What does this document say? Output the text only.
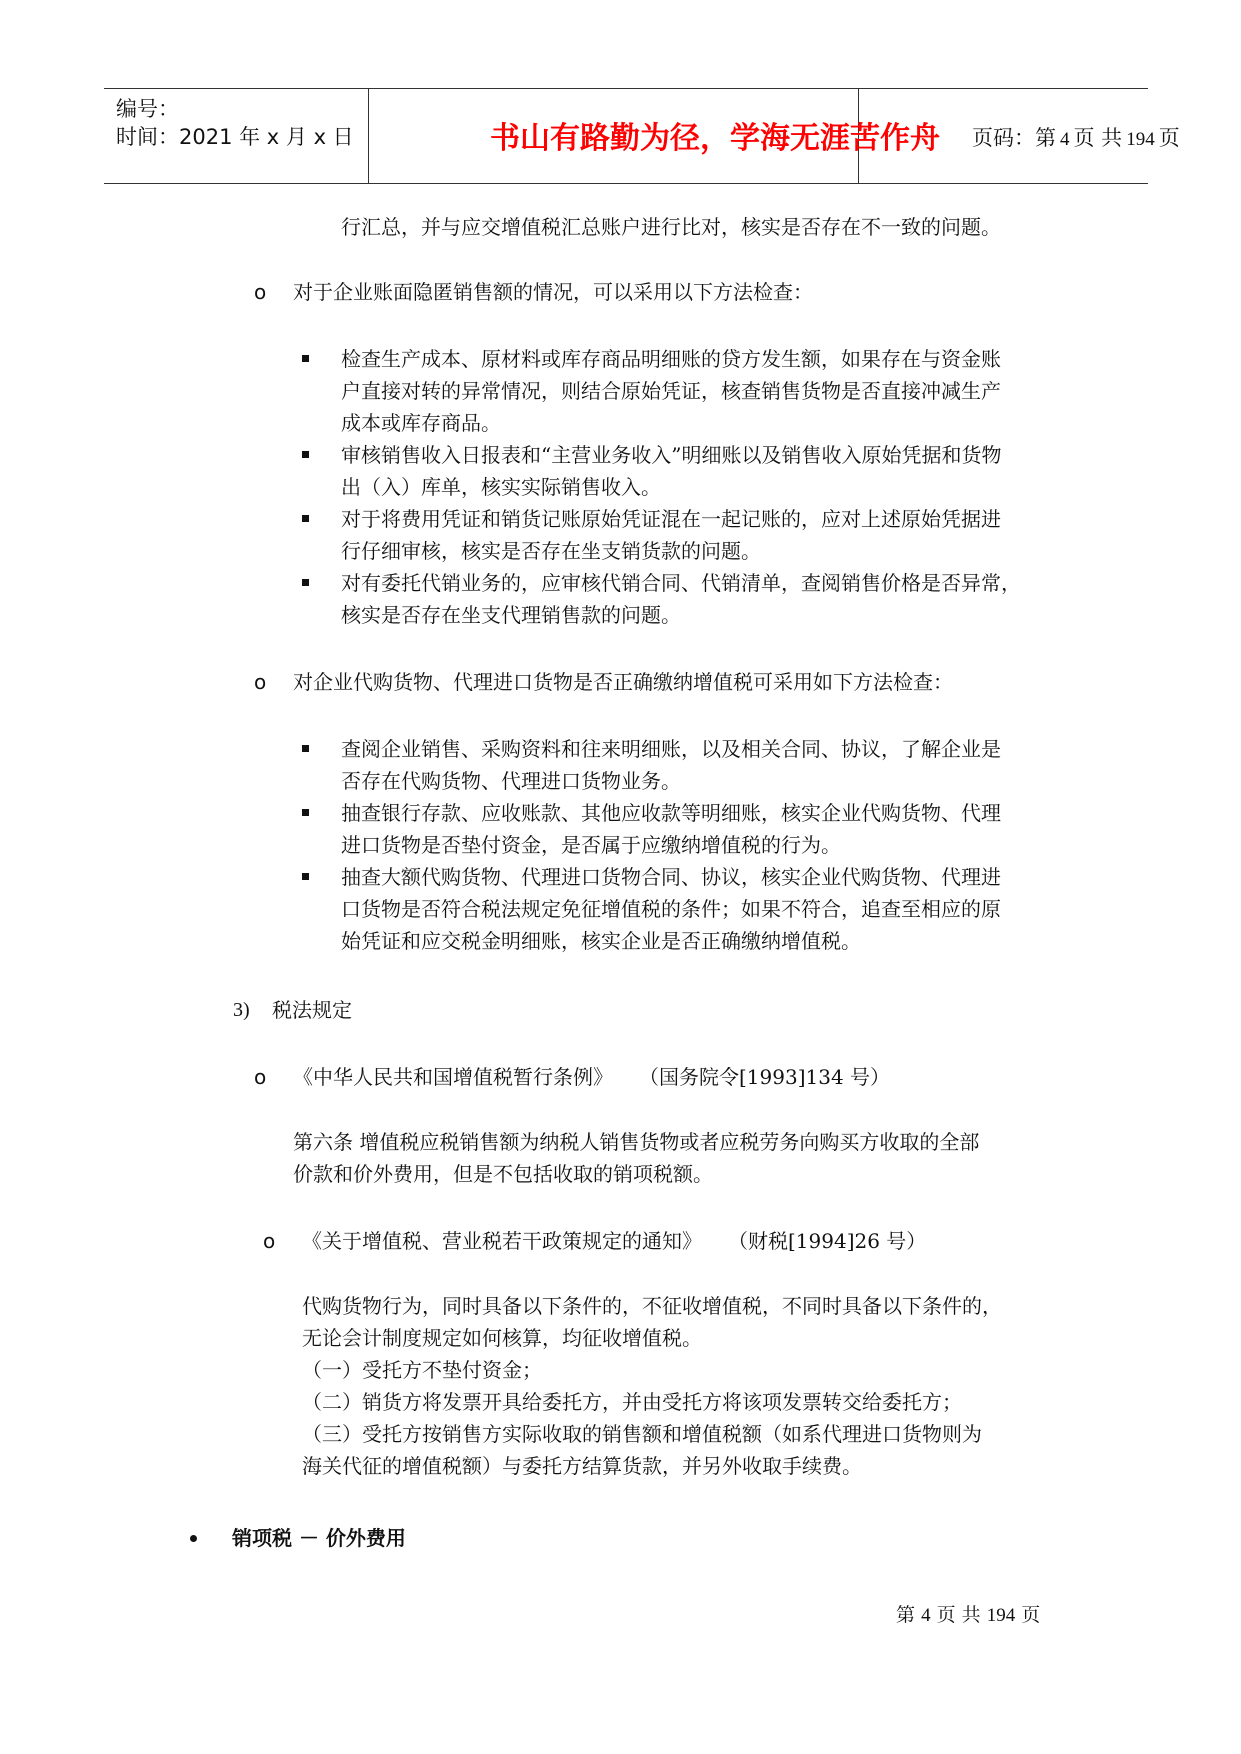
编号：
时间：2021 年 x 月 x 日	书山有路勤为径，学海无涯苦作舟	页码：第 4 页 共 194 页
行汇总，并与应交增值税汇总账户进行比对，核实是否存在不一致的问题。
o 对于企业账面隐匿销售额的情况，可以采用以下方法检查：
检查生产成本、原材料或库存商品明细账的贷方发生额，如果存在与资金账
户直接对转的异常情况，则结合原始凭证，核查销售货物是否直接冲减生产
成本或库存商品。
审核销售收入日报表和“主营业务收入”明细账以及销售收入原始凭据和货物
出（入）库单，核实实际销售收入。
对于将费用凭证和销货记账原始凭证混在一起记账的，应对上述原始凭据进
行仔细审核，核实是否存在坐支销货款的问题。
对有委托代销业务的，应审核代销合同、代销清单，查阅销售价格是否异常，
核实是否存在坐支代理销售款的问题。
o 对企业代购货物、代理进口货物是否正确缴纳增值税可采用如下方法检查：
查阅企业销售、采购资料和往来明细账，以及相关合同、协议，了解企业是
否存在代购货物、代理进口货物业务。
抽查银行存款、应收账款、其他应收款等明细账，核实企业代购货物、代理
进口货物是否垫付资金，是否属于应缴纳增值税的行为。
抽查大额代购货物、代理进口货物合同、协议，核实企业代购货物、代理进
口货物是否符合税法规定免征增值税的条件；如果不符合，追查至相应的原
始凭证和应交税金明细账，核实企业是否正确缴纳增值税。
3) 税法规定
o 《中华人民共和国增值税暂行条例》 （国务院令[1993]134 号）
第六条 增值税应税销售额为纳税人销售货物或者应税劳务向购买方收取的全部
价款和价外费用，但是不包括收取的销项税额。
o 《关于增值税、营业税若干政策规定的通知》 （财税[1994]26 号）
代购货物行为，同时具备以下条件的，不征收增值税，不同时具备以下条件的，
无论会计制度规定如何核算，均征收增值税。
（一）受托方不垫付资金；
（二）销货方将发票开具给委托方，并由受托方将该项发票转交给委托方；
（三）受托方按销售方实际收取的销售额和增值税额（如系代理进口货物则为
海关代征的增值税额）与委托方结算货款，并另外收取手续费。
销项税 － 价外费用
第 4 页 共 194 页
